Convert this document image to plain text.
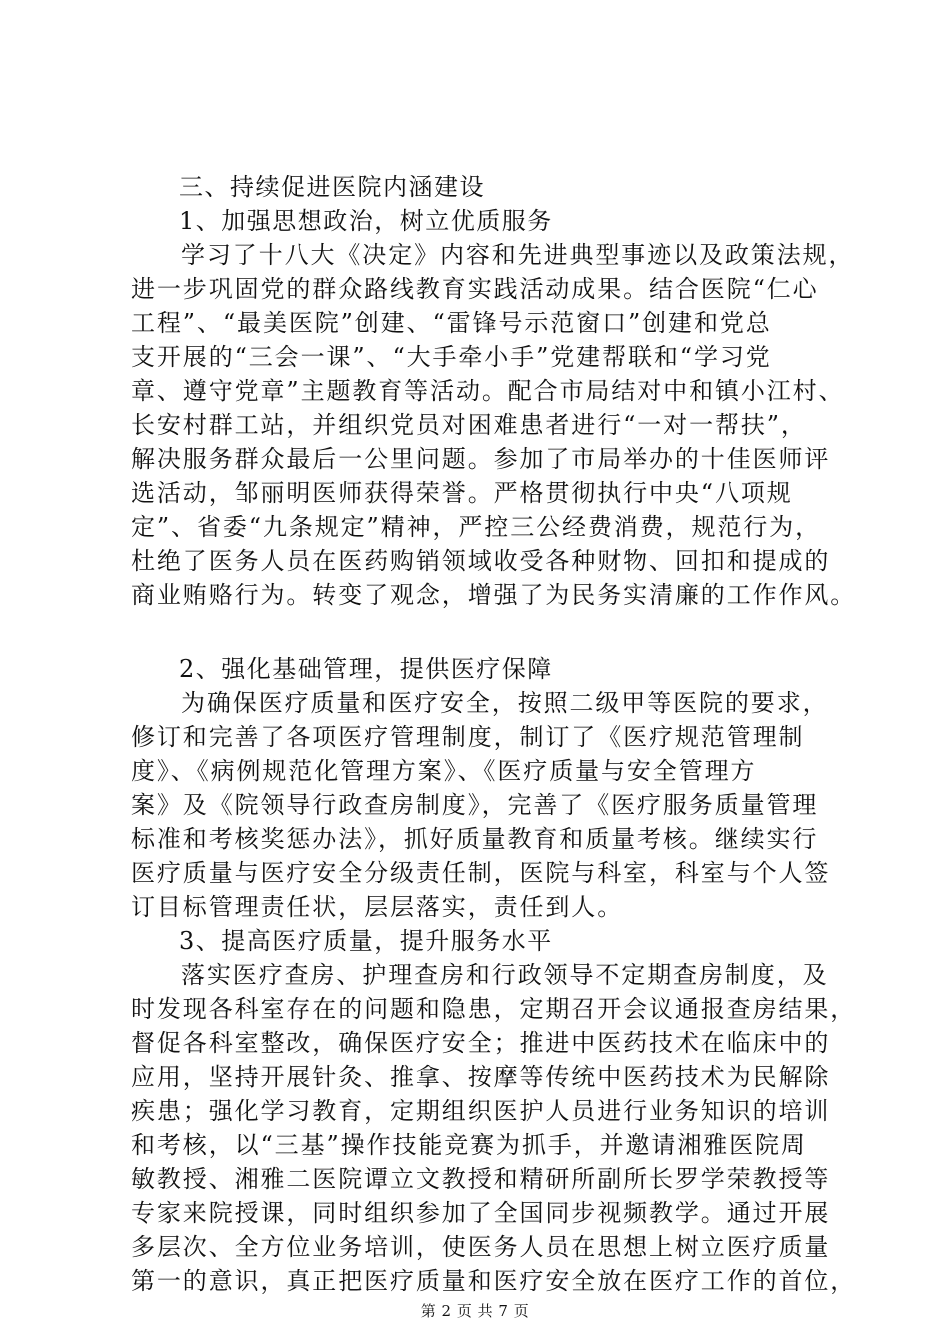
三、持续促进医院内涵建设
1、加强思想政治，树立优质服务
学习了十八大《决定》内容和先进典型事迹以及政策法规，
进一步巩固党的群众路线教育实践活动成果。结合医院“仁心
工程”、“最美医院”创建、“雷锋号示范窗口”创建和党总
支开展的“三会一课”、“大手牵小手”党建帮联和“学习党
章、遵守党章”主题教育等活动。配合市局结对中和镇小江村、
长安村群工站，并组织党员对困难患者进行“一对一帮扶”，
解决服务群众最后一公里问题。参加了市局举办的十佳医师评
选活动，邹丽明医师获得荣誉。严格贯彻执行中央“八项规
定”、省委“九条规定”精神，严控三公经费消费，规范行为，
杜绝了医务人员在医药购销领域收受各种财物、回扣和提成的
商业贿赂行为。转变了观念，增强了为民务实清廉的工作作风。
2、强化基础管理，提供医疗保障
为确保医疗质量和医疗安全，按照二级甲等医院的要求，
修订和完善了各项医疗管理制度，制订了《医疗规范管理制
度》、《病例规范化管理方案》、《医疗质量与安全管理方
案》及《院领导行政查房制度》，完善了《医疗服务质量管理
标准和考核奖惩办法》，抓好质量教育和质量考核。继续实行
医疗质量与医疗安全分级责任制，医院与科室，科室与个人签
订目标管理责任状，层层落实，责任到人。
3、提高医疗质量，提升服务水平
落实医疗查房、护理查房和行政领导不定期查房制度，及
时发现各科室存在的问题和隐患，定期召开会议通报查房结果，
督促各科室整改，确保医疗安全；推进中医药技术在临床中的
应用，坚持开展针灸、推拿、按摩等传统中医药技术为民解除
疾患；强化学习教育，定期组织医护人员进行业务知识的培训
和考核，以“三基”操作技能竞赛为抓手，并邀请湘雅医院周
敏教授、湘雅二医院谭立文教授和精研所副所长罗学荣教授等
专家来院授课，同时组织参加了全国同步视频教学。通过开展
多层次、全方位业务培训，使医务人员在思想上树立医疗质量
第一的意识，真正把医疗质量和医疗安全放在医疗工作的首位，
第 2 页 共 7 页
